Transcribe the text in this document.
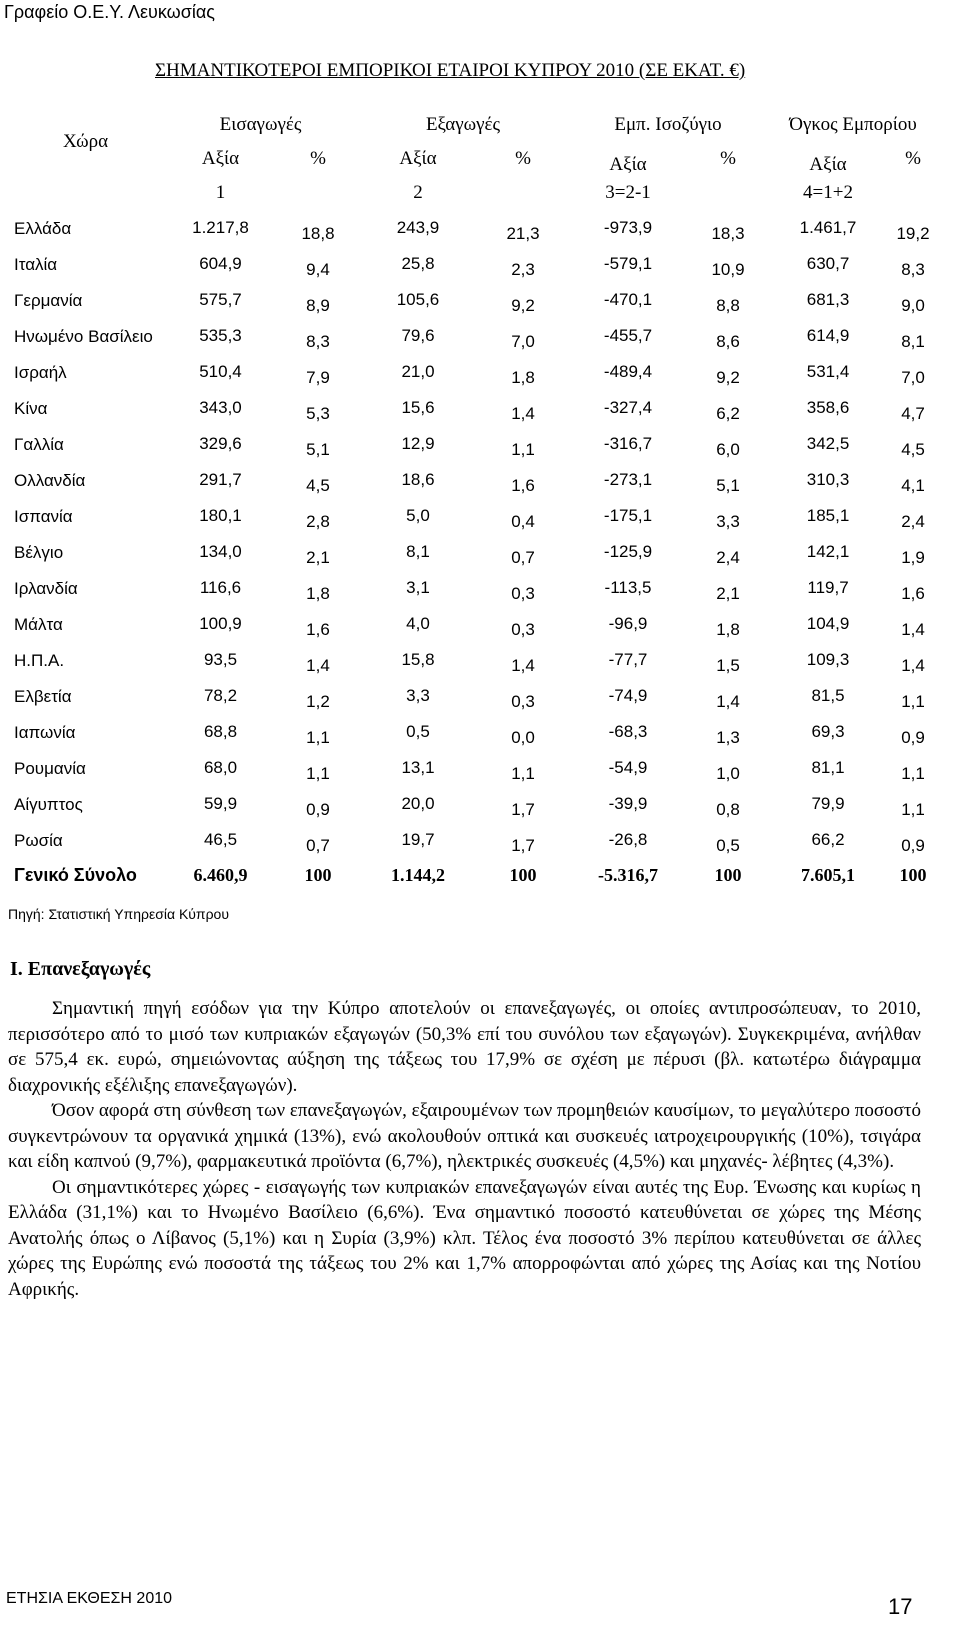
Γραφείο Ο.Ε.Υ. Λευκωσίας
ΣΗΜΑΝΤΙΚΟΤΕΡΟΙ ΕΜΠΟΡΙΚΟΙ ΕΤΑΙΡΟΙ ΚΥΠΡΟΥ 2010 (ΣΕ ΕΚΑΤ. €)
Χώρα	Εισαγωγές		Εξαγωγές		Εμπ. Ισοζύγιο		Όγκος Εμπορίου	
	Αξία	%	Αξία	%	Αξία	%	Αξία	%
	1		2		3=2-1		4=1+2	
Ελλάδα	1.217,8	18,8	243,9	21,3	-973,9	18,3	1.461,7	19,2
Ιταλία	604,9	9,4	25,8	2,3	-579,1	10,9	630,7	8,3
Γερμανία	575,7	8,9	105,6	9,2	-470,1	8,8	681,3	9,0
Ηνωμένο Βασίλειο	535,3	8,3	79,6	7,0	-455,7	8,6	614,9	8,1
Ισραήλ	510,4	7,9	21,0	1,8	-489,4	9,2	531,4	7,0
Κίνα	343,0	5,3	15,6	1,4	-327,4	6,2	358,6	4,7
Γαλλία	329,6	5,1	12,9	1,1	-316,7	6,0	342,5	4,5
Ολλανδία	291,7	4,5	18,6	1,6	-273,1	5,1	310,3	4,1
Ισπανία	180,1	2,8	5,0	0,4	-175,1	3,3	185,1	2,4
Βέλγιο	134,0	2,1	8,1	0,7	-125,9	2,4	142,1	1,9
Ιρλανδία	116,6	1,8	3,1	0,3	-113,5	2,1	119,7	1,6
Μάλτα	100,9	1,6	4,0	0,3	-96,9	1,8	104,9	1,4
Η.Π.Α.	93,5	1,4	15,8	1,4	-77,7	1,5	109,3	1,4
Ελβετία	78,2	1,2	3,3	0,3	-74,9	1,4	81,5	1,1
Ιαπωνία	68,8	1,1	0,5	0,0	-68,3	1,3	69,3	0,9
Ρουμανία	68,0	1,1	13,1	1,1	-54,9	1,0	81,1	1,1
Αίγυπτος	59,9	0,9	20,0	1,7	-39,9	0,8	79,9	1,1
Ρωσία	46,5	0,7	19,7	1,7	-26,8	0,5	66,2	0,9
Γενικό Σύνολο	6.460,9	100	1.144,2	100	-5.316,7	100	7.605,1	100
Πηγή: Στατιστική Υπηρεσία Κύπρου
Ι. Επανεξαγωγές

Σημαντική πηγή εσόδων για την Κύπρο αποτελούν οι επανεξαγωγές, οι οποίες αντιπροσώπευαν, το 2010, περισσότερο από το μισό των κυπριακών εξαγωγών (50,3% επί του συνόλου των εξαγωγών). Συγκεκριμένα, ανήλθαν σε 575,4 εκ. ευρώ, σημειώνοντας αύξηση της τάξεως του 17,9% σε σχέση με πέρυσι (βλ. κατωτέρω διάγραμμα διαχρονικής εξέλιξης επανεξαγωγών).

Όσον αφορά στη σύνθεση των επανεξαγωγών, εξαιρουμένων των προμηθειών καυσίμων, το μεγαλύτερο ποσοστό συγκεντρώνουν τα οργανικά χημικά (13%), ενώ ακολουθούν οπτικά και συσκευές ιατροχειρουργικής (10%), τσιγάρα και είδη καπνού (9,7%), φαρμακευτικά προϊόντα (6,7%), ηλεκτρικές συσκευές (4,5%) και μηχανές- λέβητες (4,3%).

Οι σημαντικότερες χώρες - εισαγωγής των κυπριακών επανεξαγωγών είναι αυτές της Ευρ. Ένωσης και κυρίως η Ελλάδα (31,1%) και το Ηνωμένο Βασίλειο (6,6%). Ένα σημαντικό ποσοστό κατευθύνεται σε χώρες της Μέσης Ανατολής όπως ο Λίβανος (5,1%) και η Συρία (3,9%) κλπ. Τέλος ένα ποσοστό 3% περίπου κατευθύνεται σε άλλες χώρες της Ευρώπης ενώ ποσοστά της τάξεως του 2% και 1,7% απορροφώνται από χώρες της Ασίας και της Νοτίου Αφρικής.

ΕΤΗΣΙΑ ΕΚΘΕΣΗ 2010	17
